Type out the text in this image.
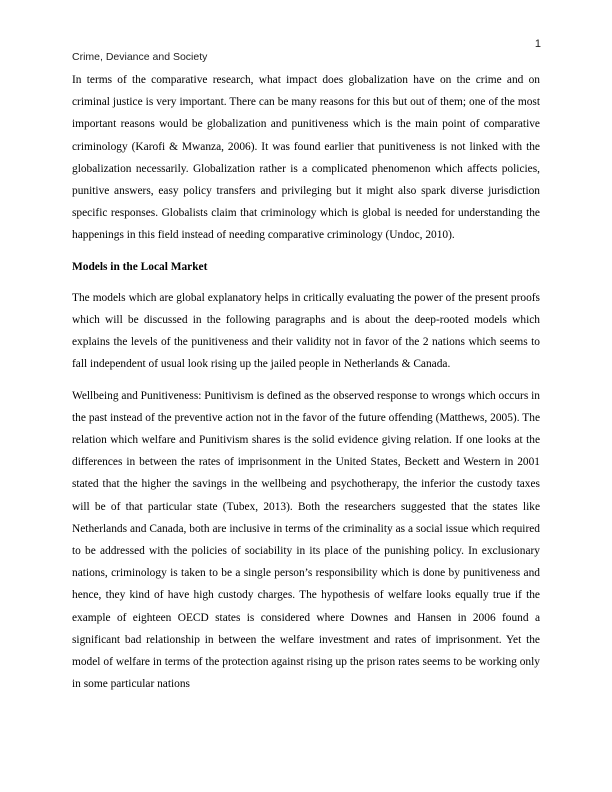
1
Crime, Deviance and Society

In terms of the comparative research, what impact does globalization have on the crime and on criminal justice is very important. There can be many reasons for this but out of them; one of the most important reasons would be globalization and punitiveness which is the main point of comparative criminology (Karofi & Mwanza, 2006). It was found earlier that punitiveness is not linked with the globalization necessarily. Globalization rather is a complicated phenomenon which affects policies, punitive answers, easy policy transfers and privileging but it might also spark diverse jurisdiction specific responses. Globalists claim that criminology which is global is needed for understanding the happenings in this field instead of needing comparative criminology (Undoc, 2010).

Models in the Local Market

The models which are global explanatory helps in critically evaluating the power of the present proofs which will be discussed in the following paragraphs and is about the deep-rooted models which explains the levels of the punitiveness and their validity not in favor of the 2 nations which seems to fall independent of usual look rising up the jailed people in Netherlands & Canada.

Wellbeing and Punitiveness: Punitivism is defined as the observed response to wrongs which occurs in the past instead of the preventive action not in the favor of the future offending (Matthews, 2005). The relation which welfare and Punitivism shares is the solid evidence giving relation. If one looks at the differences in between the rates of imprisonment in the United States, Beckett and Western in 2001 stated that the higher the savings in the wellbeing and psychotherapy, the inferior the custody taxes will be of that particular state (Tubex, 2013). Both the researchers suggested that the states like Netherlands and Canada, both are inclusive in terms of the criminality as a social issue which required to be addressed with the policies of sociability in its place of the punishing policy. In exclusionary nations, criminology is taken to be a single person’s responsibility which is done by punitiveness and hence, they kind of have high custody charges. The hypothesis of welfare looks equally true if the example of eighteen OECD states is considered where Downes and Hansen in 2006 found a significant bad relationship in between the welfare investment and rates of imprisonment. Yet the model of welfare in terms of the protection against rising up the prison rates seems to be working only in some particular nations
